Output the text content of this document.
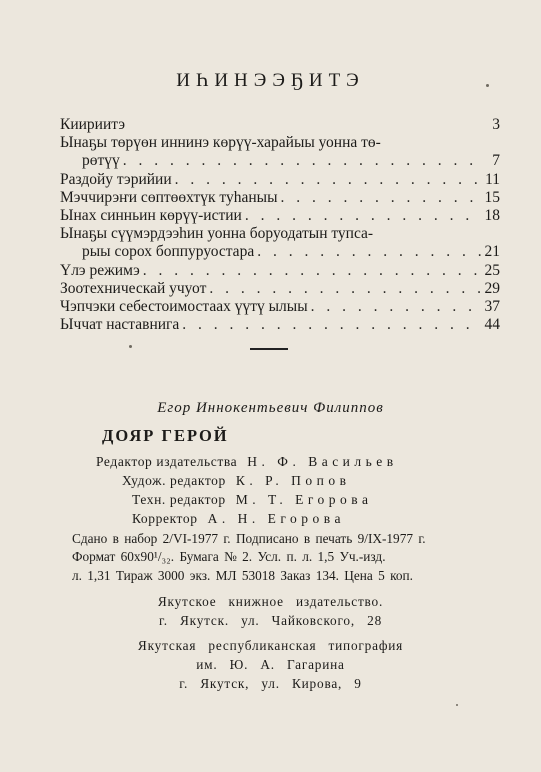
ИҺИНЭЭҔИТЭ
Киириитэ	3
Ынаҕы төрүөн иннинэ көрүү-харайыы уонна тө-
рөтүү . . .	7
Раздойу тэрийии . . .	11
Мэччирэҥи сөптөөхтүк туһаныы . . .	15
Ынах синньин көрүү-истии . . .	18
Ынаҕы сүүмэрдээһин уонна боруодатын тупса-
рыы сорох боппуруостара . . .	21
Үлэ режимэ . . .	25
Зоотехническай учуот . . .	29
Чэпчэки себестоимостаах үүтү ылыы . . .	37
Ыччат наставнига . . .	44
Егор Иннокентьевич Филиппов
ДОЯР ГЕРОЙ
Редактор издательства Н. Ф. Васильев
Худож. редактор К. Р. Попов
Техн. редактор М. Т. Егорова
Корректор А. Н. Егорова
Сдано в набор 2/VI-1977 г. Подписано в печать 9/IX-1977 г.
Формат 60х90¹/₃₂. Бумага № 2. Усл. п. л. 1,5 Уч.-изд.
л. 1,31 Тираж 3000 экз. МЛ 53018 Заказ 134. Цена 5 коп.
Якутское книжное издательство.
г. Якутск. ул. Чайковского, 28
Якутская республиканская типография
им. Ю. А. Гагарина
г. Якутск, ул. Кирова, 9
